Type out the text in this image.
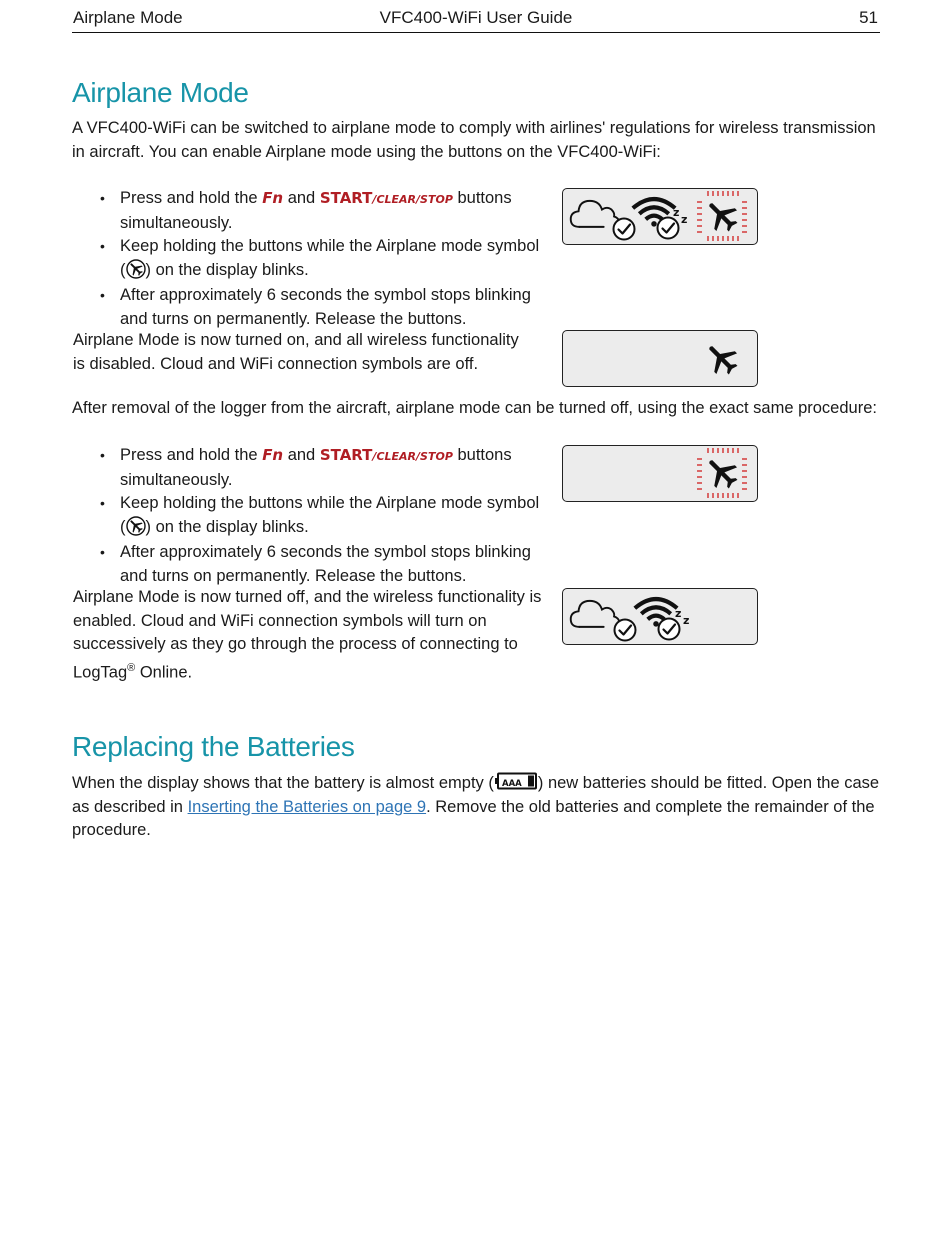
VFC400-WiFi User Guide
Airplane Mode	51
Airplane Mode

A VFC400-WiFi can be switched to airplane mode to comply with airlines' regulations for wireless transmission in aircraft. You can enable Airplane mode using the buttons on the VFC400-WiFi:

• Press and hold the Fn and START/CLEAR/STOP buttons simultaneously.
• Keep holding the buttons while the Airplane mode symbol ( ) on the display blinks.
• After approximately 6 seconds the symbol stops blinking and turns on permanently. Release the buttons.

Airplane Mode is now turned on, and all wireless functionality is disabled. Cloud and WiFi connection symbols are off.

After removal of the logger from the aircraft, airplane mode can be turned off, using the exact same procedure:

• Press and hold the Fn and START/CLEAR/STOP buttons simultaneously.
• Keep holding the buttons while the Airplane mode symbol ( ) on the display blinks.
• After approximately 6 seconds the symbol stops blinking and turns on permanently. Release the buttons.

Airplane Mode is now turned off, and the wireless functionality is enabled. Cloud and WiFi connection symbols will turn on successively as they go through the process of connecting to LogTag® Online.

z
z
z
z
Replacing the Batteries

When the display shows that the battery is almost empty ( AAA ) new batteries should be fitted. Open the case as described in Inserting the Batteries on page 9. Remove the old batteries and complete the remainder of the procedure.
